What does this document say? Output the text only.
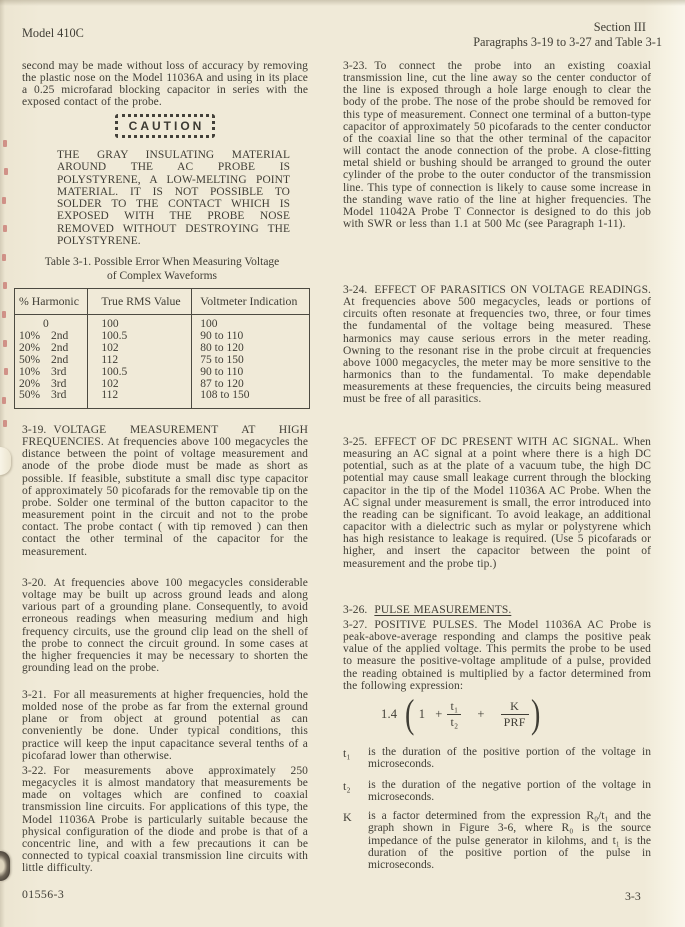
Model 410C	Section III
Paragraphs 3-19 to 3-27 and Table 3-1

second may be made without loss of accuracy by removing the plastic nose on the Model 11036A and using in its place a 0.25 microfarad blocking capacitor in series with the exposed contact of the probe.

CAUTION

THE GRAY INSULATING MATERIAL AROUND THE AC PROBE IS POLYSTYRENE, A LOW-MELTING POINT MATERIAL. IT IS NOT POSSIBLE TO SOLDER TO THE CONTACT WHICH IS EXPOSED WITH THE PROBE NOSE REMOVED WITHOUT DESTROYING THE POLYSTYRENE.

Table 3-1. Possible Error When Measuring Voltage
of Complex Waveforms
% Harmonic	True RMS Value	Voltmeter Indication
0	100	100
10% 2nd	100.5	90 to 110
20% 2nd	102	80 to 120
50% 2nd	112	75 to 150
10% 3rd	100.5	90 to 110
20% 3rd	102	87 to 120
50% 3rd	112	108 to 150

3-19. VOLTAGE MEASUREMENT AT HIGH FREQUENCIES. At frequencies above 100 megacycles the distance between the point of voltage measurement and anode of the probe diode must be made as short as possible. If feasible, substitute a small disc type capacitor of approximately 50 picofarads for the removable tip on the probe. Solder one terminal of the button capacitor to the measurement point in the circuit and not to the probe contact. The probe contact ( with tip removed ) can then contact the other terminal of the capacitor for the measurement.

3-20. At frequencies above 100 megacycles considerable voltage may be built up across ground leads and along various part of a grounding plane. Consequently, to avoid erroneous readings when measuring medium and high frequency circuits, use the ground clip lead on the shell of the probe to connect the circuit ground. In some cases at the higher frequencies it may be necessary to shorten the grounding lead on the probe.

3-21. For all measurements at higher frequencies, hold the molded nose of the probe as far from the external ground plane or from object at ground potential as can conveniently be done. Under typical conditions, this practice will keep the input capacitance several tenths of a picofarad lower than otherwise.

3-22. For measurements above approximately 250 megacycles it is almost mandatory that measurements be made on voltages which are confined to coaxial transmission line circuits. For applications of this type, the Model 11036A Probe is particularly suitable because the physical configuration of the diode and probe is that of a concentric line, and with a few precautions it can be connected to typical coaxial transmission line circuits with little difficulty.

3-23. To connect the probe into an existing coaxial transmission line, cut the line away so the center conductor of the line is exposed through a hole large enough to clear the body of the probe. The nose of the probe should be removed for this type of measurement. Connect one terminal of a button-type capacitor of approximately 50 picofarads to the center conductor of the coaxial line so that the other terminal of the capacitor will contact the anode connection of the probe. A close-fitting metal shield or bushing should be arranged to ground the outer cylinder of the probe to the outer conductor of the transmission line. This type of connection is likely to cause some increase in the standing wave ratio of the line at higher frequencies. The Model 11042A Probe T Connector is designed to do this job with SWR or less than 1.1 at 500 Mc (see Paragraph 1-11).

3-24. EFFECT OF PARASITICS ON VOLTAGE READINGS. At frequencies above 500 megacycles, leads or portions of circuits often resonate at frequencies two, three, or four times the fundamental of the voltage being measured. These harmonics may cause serious errors in the meter reading. Owning to the resonant rise in the probe circuit at frequencies above 1000 megacycles, the meter may be more sensitive to the harmonics than to the fundamental. To make dependable measurements at these frequencies, the circuits being measured must be free of all parasitics.

3-25. EFFECT OF DC PRESENT WITH AC SIGNAL. When measuring an AC signal at a point where there is a high DC potential, such as at the plate of a vacuum tube, the high DC potential may cause small leakage current through the blocking capacitor in the tip of the Model 11036A AC Probe. When the AC signal under measurement is small, the error introduced into the reading can be significant. To avoid leakage, an additional capacitor with a dielectric such as mylar or polystyrene which has high resistance to leakage is required. (Use 5 picofarads or higher, and insert the capacitor between the point of measurement and the probe tip.)

3-26. PULSE MEASUREMENTS.

3-27. POSITIVE PULSES. The Model 11036A AC Probe is peak-above-average responding and clamps the positive peak value of the applied voltage. This permits the probe to be used to measure the positive-voltage amplitude of a pulse, provided the reading obtained is multiplied by a factor determined from the following expression:

1.4 ( $1 + \frac{\text{t₁}}{\text{t₂}} + \frac{K}{\text{PRF}}$ )
t₁	is the duration of the positive portion of the voltage in microseconds.
t₂	is the duration of the negative portion of the voltage in microseconds.
K	is a factor determined from the expression R₀/t₁ and the graph shown in Figure 3-6, where R₀ is the source impedance of the pulse generator in kilohms, and t₁ is the duration of the positive portion of the pulse in microseconds.
01556-3	3-3
